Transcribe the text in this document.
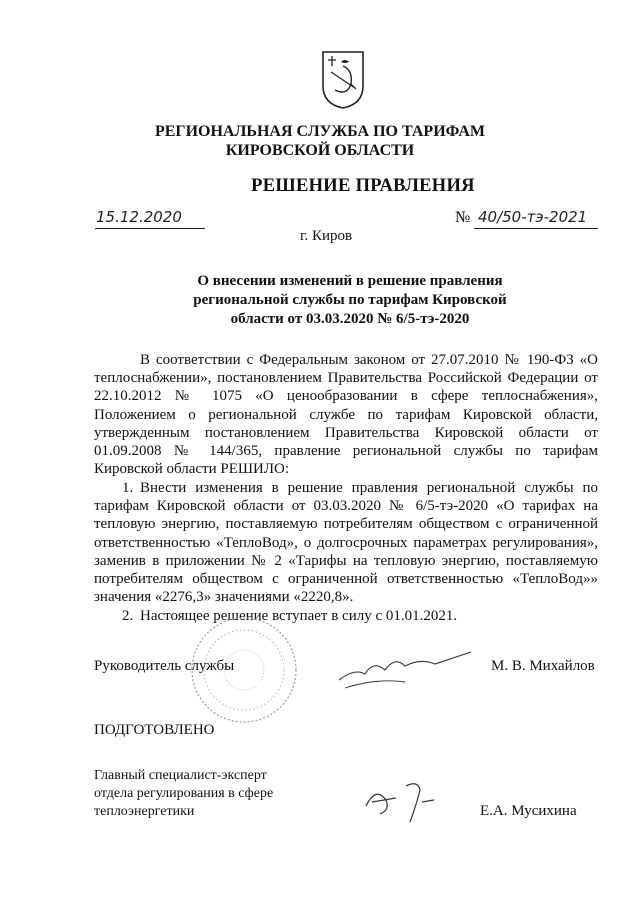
РЕГИОНАЛЬНАЯ СЛУЖБА ПО ТАРИФАМ
КИРОВСКОЙ ОБЛАСТИ
РЕШЕНИЕ ПРАВЛЕНИЯ
15.12.2020	№ 40/50-тэ-2021
г. Киров
О внесении изменений в решение правления
региональной службы по тарифам Кировской
области от 03.03.2020 № 6/5-тэ-2020
В соответствии с Федеральным законом от 27.07.2010 № 190-ФЗ «О теплоснабжении», постановлением Правительства Российской Федерации от 22.10.2012 № 1075 «О ценообразовании в сфере теплоснабжения», Положением о региональной службе по тарифам Кировской области, утвержденным постановлением Правительства Кировской области от 01.09.2008 № 144/365, правление региональной службы по тарифам Кировской области РЕШИЛО:
1. Внести изменения в решение правления региональной службы по тарифам Кировской области от 03.03.2020 № 6/5-тэ-2020 «О тарифах на тепловую энергию, поставляемую потребителям обществом с ограниченной ответственностью «ТеплоВод», о долгосрочных параметрах регулирования», заменив в приложении № 2 «Тарифы на тепловую энергию, поставляемую потребителям обществом с ограниченной ответственностью «ТеплоВод»» значения «2276,3» значениями «2220,8».
2. Настоящее решение вступает в силу с 01.01.2021.
Руководитель службы	М. В. Михайлов
ПОДГОТОВЛЕНО
Главный специалист-эксперт
отдела регулирования в сфере
теплоэнергетики	Е.А. Мусихина
